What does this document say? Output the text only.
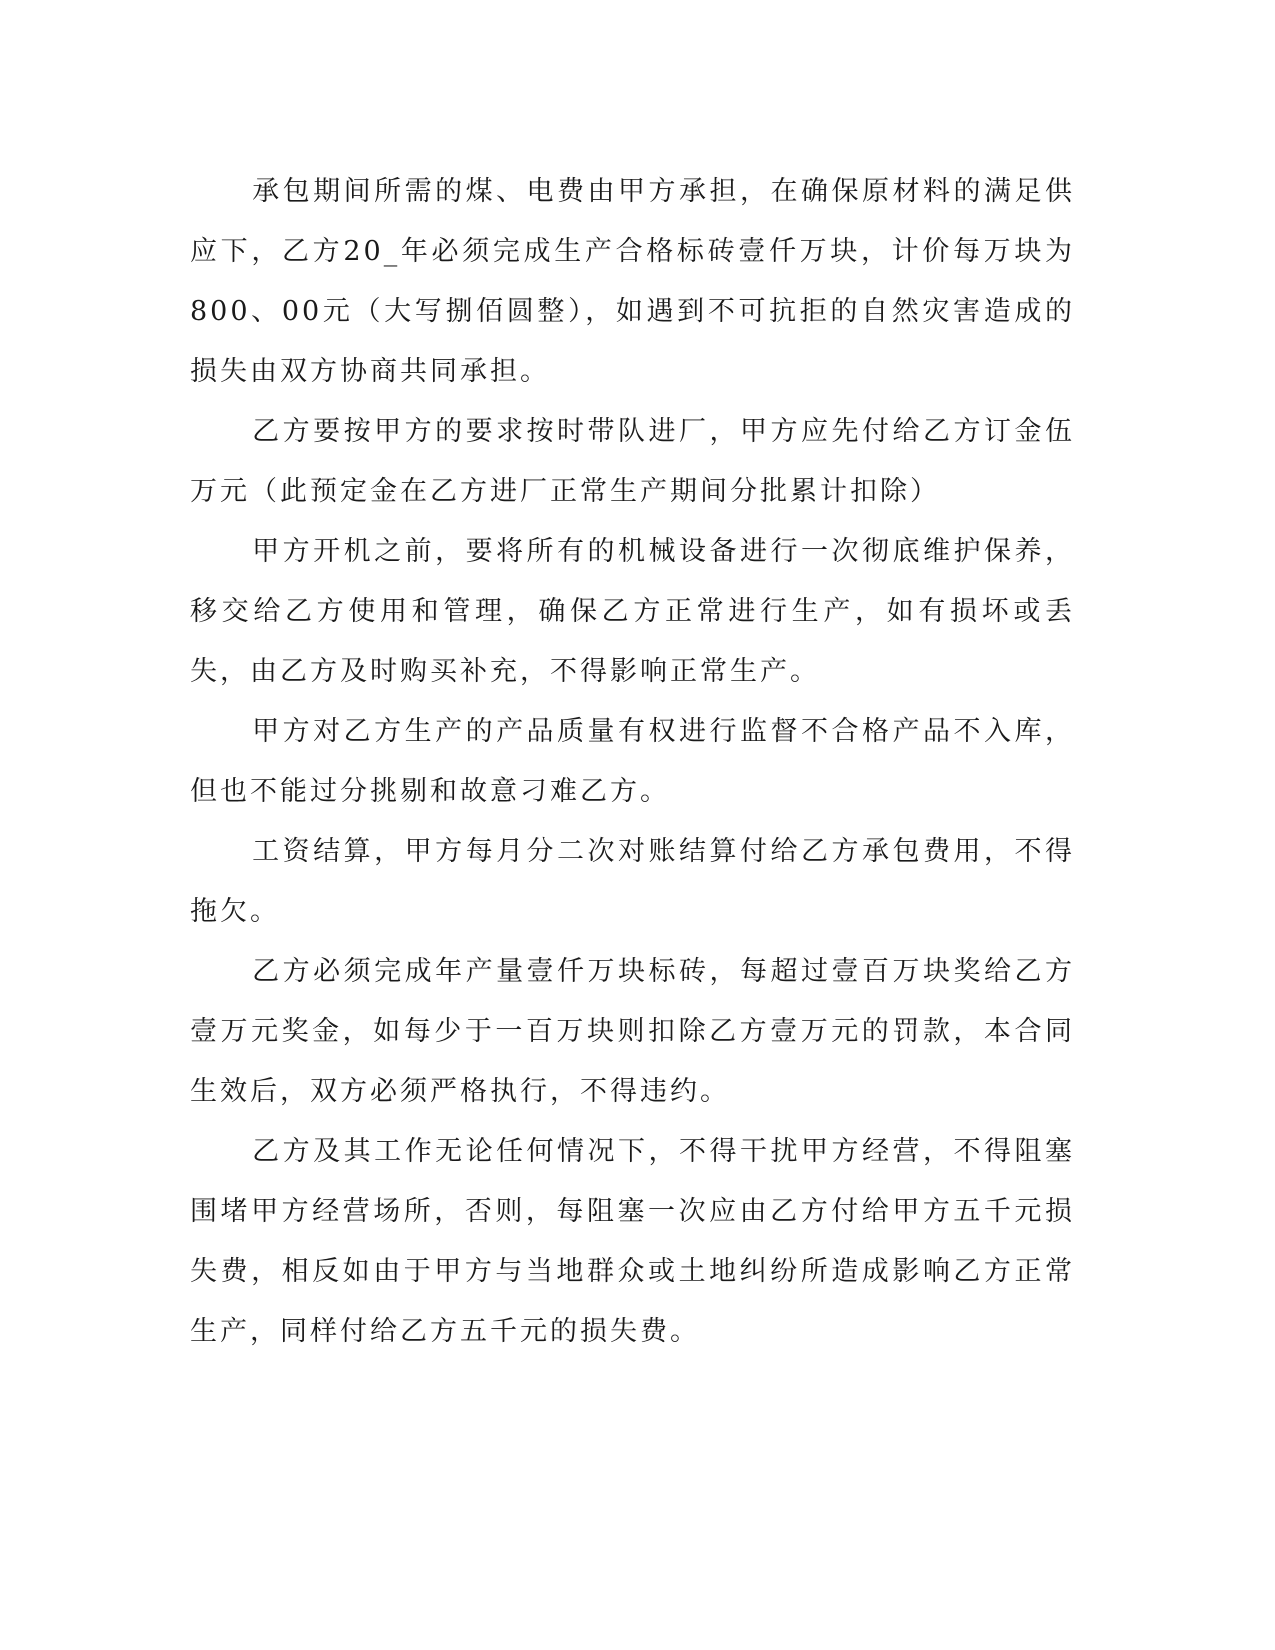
承包期间所需的煤、电费由甲方承担，在确保原材料的满足供应下，乙方20_年必须完成生产合格标砖壹仟万块，计价每万块为800、00元（大写捌佰圆整），如遇到不可抗拒的自然灾害造成的损失由双方协商共同承担。

乙方要按甲方的要求按时带队进厂，甲方应先付给乙方订金伍万元（此预定金在乙方进厂正常生产期间分批累计扣除）

甲方开机之前，要将所有的机械设备进行一次彻底维护保养，移交给乙方使用和管理，确保乙方正常进行生产，如有损坏或丢失，由乙方及时购买补充，不得影响正常生产。

甲方对乙方生产的产品质量有权进行监督不合格产品不入库，但也不能过分挑剔和故意刁难乙方。

工资结算，甲方每月分二次对账结算付给乙方承包费用，不得拖欠。

乙方必须完成年产量壹仟万块标砖，每超过壹百万块奖给乙方壹万元奖金，如每少于一百万块则扣除乙方壹万元的罚款，本合同生效后，双方必须严格执行，不得违约。

乙方及其工作无论任何情况下，不得干扰甲方经营，不得阻塞围堵甲方经营场所，否则，每阻塞一次应由乙方付给甲方五千元损失费，相反如由于甲方与当地群众或土地纠纷所造成影响乙方正常生产，同样付给乙方五千元的损失费。
